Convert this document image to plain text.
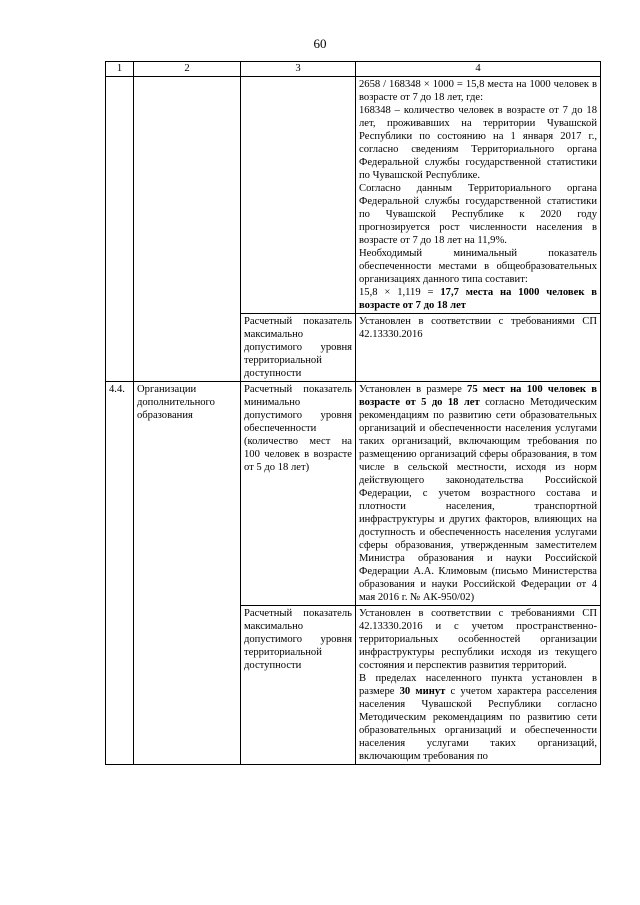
60
1	2	3	4

			2658 / 168348 × 1000 = 15,8 места на 1000 человек в возрасте от 7 до 18 лет, где:

168348 – количество человек в возрасте от 7 до 18 лет, проживавших на территории Чувашской Республики по состоянию на 1 января 2017 г., согласно сведениям Территориального органа Федеральной службы государственной статистики по Чувашской Республике.

Согласно данным Территориального органа Федеральной службы государственной статистики по Чувашской Республике к 2020 году прогнозируется рост численности населения в возрасте от 7 до 18 лет на 11,9%.

Необходимый минимальный показатель обеспеченности местами в общеобразовательных организациях данного типа составит:

15,8 × 1,119 = 17,7 места на 1000 человек в возрасте от 7 до 18 лет

		Расчетный показатель максимально допустимого уровня территориальной доступности	Установлен в соответствии с требованиями СП 42.13330.2016

4.4.	Организации дополнительного образования	Расчетный показатель минимально допустимого уровня обеспеченности (количество мест на 100 человек в возрасте от 5 до 18 лет)	Установлен в размере 75 мест на 100 человек в возрасте от 5 до 18 лет согласно Методическим рекомендациям по развитию сети образовательных организаций и обеспеченности населения услугами таких организаций, включающим требования по размещению организаций сферы образования, в том числе в сельской местности, исходя из норм действующего законодательства Российской Федерации, с учетом возрастного состава и плотности населения, транспортной инфраструктуры и других факторов, влияющих на доступность и обеспеченность населения услугами сферы образования, утвержденным заместителем Министра образования и науки Российской Федерации А.А. Климовым (письмо Министерства образования и науки Российской Федерации от 4 мая 2016 г. № АК-950/02)

		Расчетный показатель максимально допустимого уровня территориальной доступности	Установлен в соответствии с требованиями СП 42.13330.2016 и с учетом пространственно-территориальных особенностей организации инфраструктуры республики исходя из текущего состояния и перспектив развития территорий.

В пределах населенного пункта установлен в размере 30 минут с учетом характера расселения населения Чувашской Республики согласно Методическим рекомендациям по развитию сети образовательных организаций и обеспеченности населения услугами таких организаций, включающим требования по
